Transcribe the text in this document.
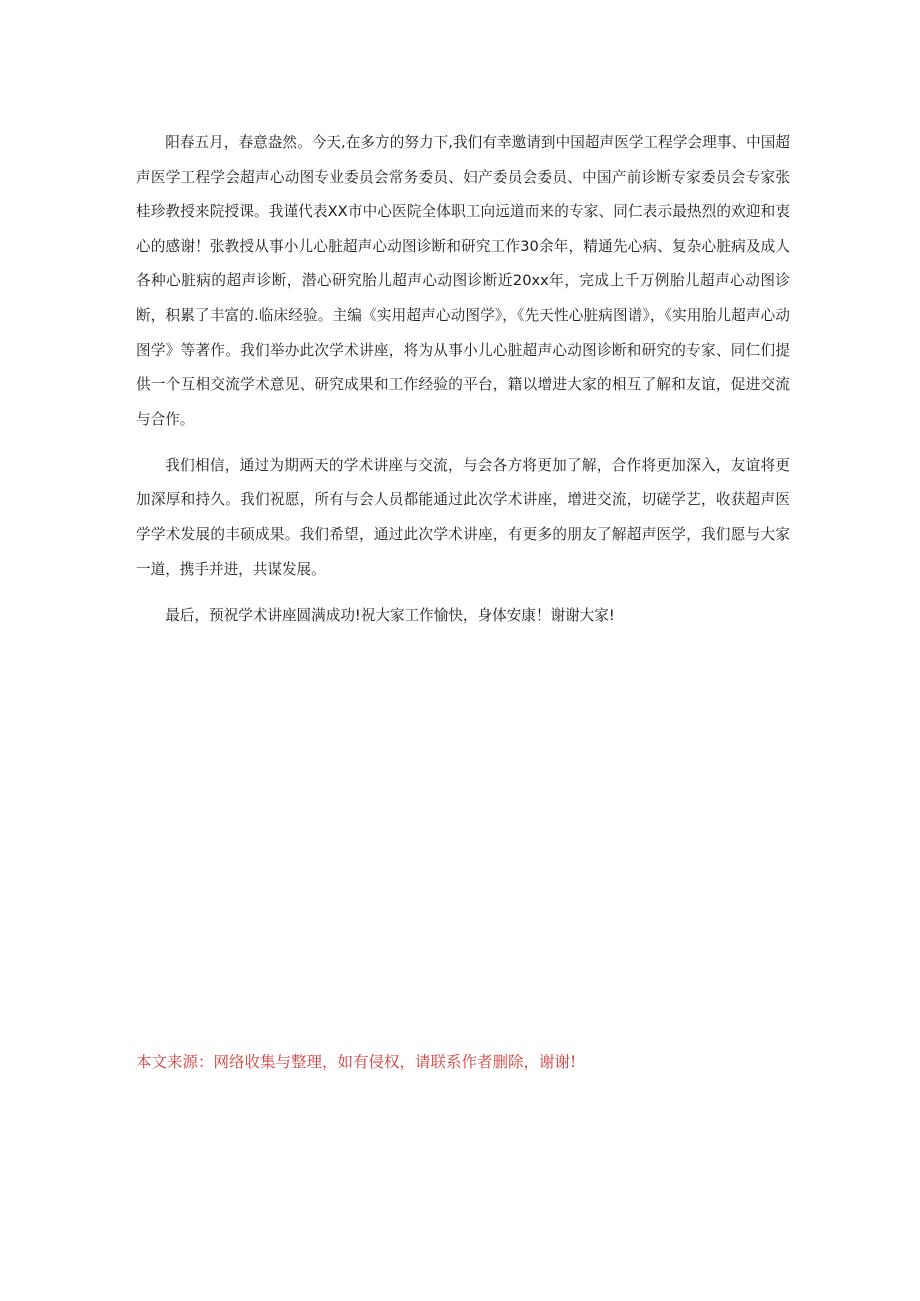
阳春五月，春意盎然。今天,在多方的努力下,我们有幸邀请到中国超声医学工程学会理事、中国超声医学工程学会超声心动图专业委员会常务委员、妇产委员会委员、中国产前诊断专家委员会专家张桂珍教授来院授课。我谨代表XX市中心医院全体职工向远道而来的专家、同仁表示最热烈的欢迎和衷心的感谢！张教授从事小儿心脏超声心动图诊断和研究工作30余年，精通先心病、复杂心脏病及成人各种心脏病的超声诊断，潜心研究胎儿超声心动图诊断近20xx年，完成上千万例胎儿超声心动图诊断，积累了丰富的.临床经验。主编《实用超声心动图学》，《先天性心脏病图谱》，《实用胎儿超声心动图学》等著作。我们举办此次学术讲座，将为从事小儿心脏超声心动图诊断和研究的专家、同仁们提供一个互相交流学术意见、研究成果和工作经验的平台，籍以增进大家的相互了解和友谊，促进交流与合作。

我们相信，通过为期两天的学术讲座与交流，与会各方将更加了解，合作将更加深入，友谊将更加深厚和持久。我们祝愿，所有与会人员都能通过此次学术讲座，增进交流，切磋学艺，收获超声医学学术发展的丰硕成果。我们希望，通过此次学术讲座，有更多的朋友了解超声医学，我们愿与大家一道，携手并进，共谋发展。

最后，预祝学术讲座圆满成功!祝大家工作愉快，身体安康！谢谢大家!

本文来源：网络收集与整理，如有侵权，请联系作者删除，谢谢!
